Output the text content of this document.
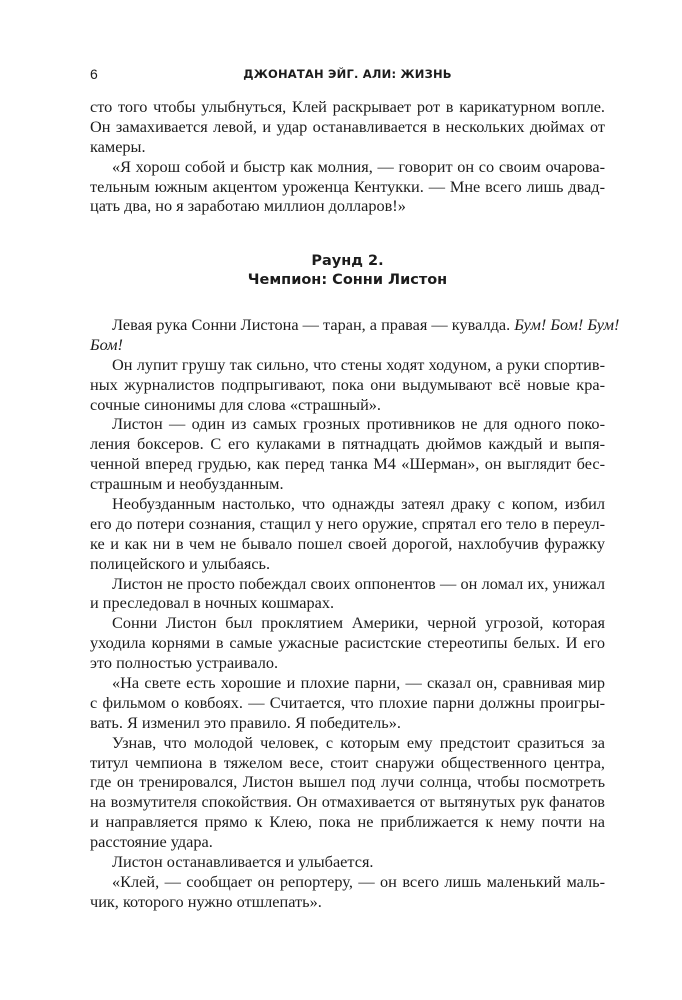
6	ДЖОНАТАН ЭЙГ. АЛИ: ЖИЗНЬ
сто того чтобы улыбнуться, Клей раскрывает рот в карикатурном вопле.
Он замахивается левой, и удар останавливается в нескольких дюймах от
камеры.
«Я хорош собой и быстр как молния, — говорит он со своим очарова-
тельным южным акцентом уроженца Кентукки. — Мне всего лишь двад-
цать два, но я заработаю миллион долларов!»
Раунд 2.
Чемпион: Сонни Листон
Левая рука Сонни Листона — таран, а правая — кувалда. Бум! Бом! Бум!
Бом!
Он лупит грушу так сильно, что стены ходят ходуном, а руки спортив-
ных журналистов подпрыгивают, пока они выдумывают всё новые кра-
сочные синонимы для слова «страшный».
Листон — один из самых грозных противников не для одного поко-
ления боксеров. С его кулаками в пятнадцать дюймов каждый и выпя-
ченной вперед грудью, как перед танка М4 «Шерман», он выглядит бес-
страшным и необузданным.
Необузданным настолько, что однажды затеял драку с копом, избил
его до потери сознания, стащил у него оружие, спрятал его тело в переул-
ке и как ни в чем не бывало пошел своей дорогой, нахлобучив фуражку
полицейского и улыбаясь.
Листон не просто побеждал своих оппонентов — он ломал их, унижал
и преследовал в ночных кошмарах.
Сонни Листон был проклятием Америки, черной угрозой, которая
уходила корнями в самые ужасные расистские стереотипы белых. И его
это полностью устраивало.
«На свете есть хорошие и плохие парни, — сказал он, сравнивая мир
с фильмом о ковбоях. — Считается, что плохие парни должны проигры-
вать. Я изменил это правило. Я победитель».
Узнав, что молодой человек, с которым ему предстоит сразиться за
титул чемпиона в тяжелом весе, стоит снаружи общественного центра,
где он тренировался, Листон вышел под лучи солнца, чтобы посмотреть
на возмутителя спокойствия. Он отмахивается от вытянутых рук фанатов
и направляется прямо к Клею, пока не приближается к нему почти на
расстояние удара.
Листон останавливается и улыбается.
«Клей, — сообщает он репортеру, — он всего лишь маленький маль-
чик, которого нужно отшлепать».
